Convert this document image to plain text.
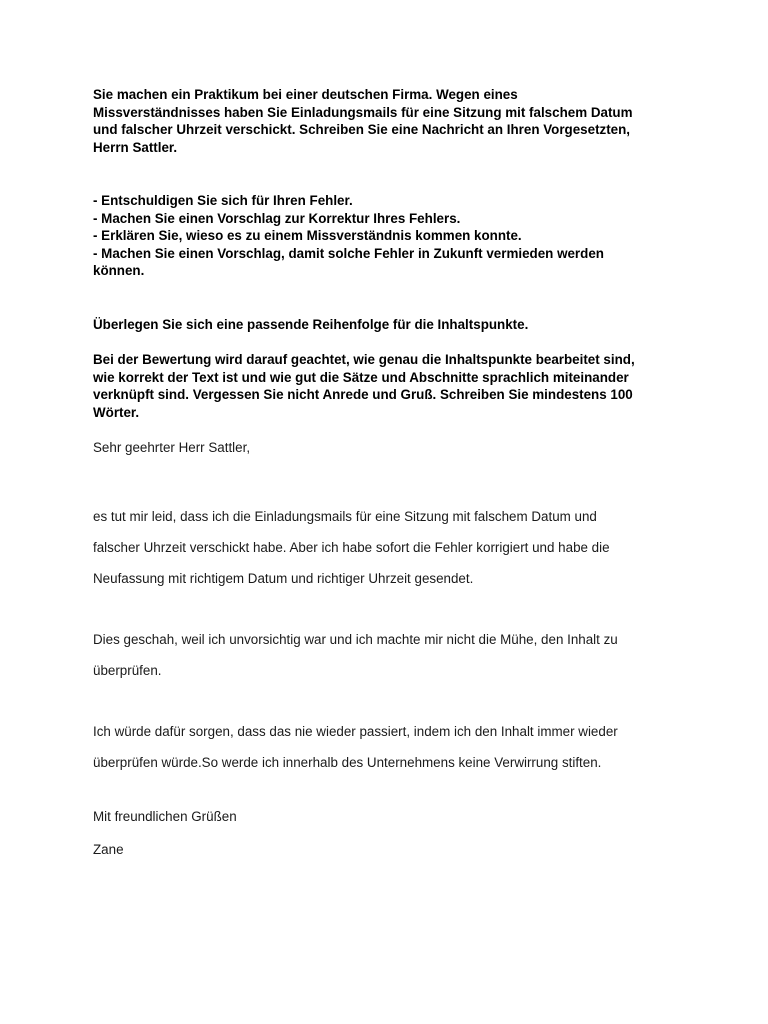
Sie machen ein Praktikum bei einer deutschen Firma. Wegen eines
Missverständnisses haben Sie Einladungsmails für eine Sitzung mit falschem Datum
und falscher Uhrzeit verschickt. Schreiben Sie eine Nachricht an Ihren Vorgesetzten,
Herrn Sattler.
- Entschuldigen Sie sich für Ihren Fehler.
- Machen Sie einen Vorschlag zur Korrektur Ihres Fehlers.
- Erklären Sie, wieso es zu einem Missverständnis kommen konnte.
- Machen Sie einen Vorschlag, damit solche Fehler in Zukunft vermieden werden
können.

Überlegen Sie sich eine passende Reihenfolge für die Inhaltspunkte.

Bei der Bewertung wird darauf geachtet, wie genau die Inhaltspunkte bearbeitet sind,
wie korrekt der Text ist und wie gut die Sätze und Abschnitte sprachlich miteinander
verknüpft sind. Vergessen Sie nicht Anrede und Gruß. Schreiben Sie mindestens 100
Wörter.

Sehr geehrter Herr Sattler,

es tut mir leid, dass ich die Einladungsmails für eine Sitzung mit falschem Datum und
falscher Uhrzeit verschickt habe. Aber ich habe sofort die Fehler korrigiert und habe die
Neufassung mit richtigem Datum und richtiger Uhrzeit gesendet.
Dies geschah, weil ich unvorsichtig war und ich machte mir nicht die Mühe, den Inhalt zu
überprüfen.
Ich würde dafür sorgen, dass das nie wieder passiert, indem ich den Inhalt immer wieder
überprüfen würde.So werde ich innerhalb des Unternehmens keine Verwirrung stiften.

Mit freundlichen Grüßen

Zane
